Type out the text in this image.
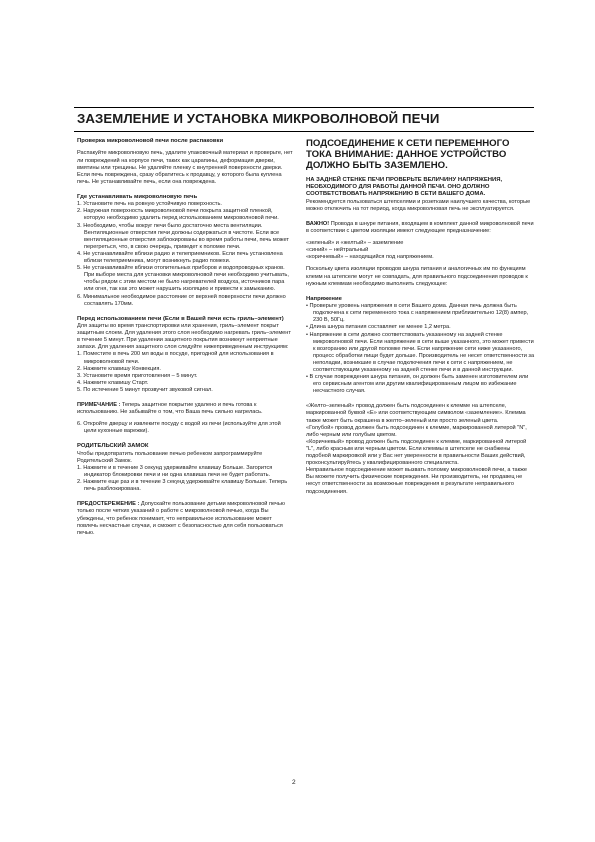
ЗАЗЕМЛЕНИЕ И УСТАНОВКА МИКРОВОЛНОВОЙ ПЕЧИ
Проверка микроволновой печи после распаковки
Распакуйте микроволновую печь, удалите упаковочный материал и проверьте, нет ли повреждений на корпусе печи, таких как царапины, деформация дверки, вмятины или трещины. Не удаляйте пленку с внутренней поверхности дверки. Если печь повреждена, сразу обратитесь к продавцу, у которого была куплена печь. Не устанавливайте печь, если она повреждена.
Где устанавливать микроволновую печь
1. Установите печь на ровную устойчивую поверхность.
2. Наружная поверхность микроволновой печи покрыта защитной пленкой, которую необходимо удалить перед использованием микроволновой печи.
3. Необходимо, чтобы вокруг печи было достаточно места вентиляции. Вентиляционные отверстия печи должны содержаться в чистоте. Если все вентиляционные отверстия заблокированы во время работы печи, печь может перегреться, что, в свою очередь, приведет к поломке печи.
4. Не устанавливайте вблизи радио и телеприемников. Если печь установлена вблизи телеприемника, могут возникнуть радио помехи.
5. Не устанавливайте вблизи отопительных приборов и водопроводных кранов. При выборе места для установки микроволновой печи необходимо учитывать, чтобы рядом с этим местом не было нагревателей воздуха, источников пара или огня, так как это может нарушить изоляцию и привести к замыканию.
6. Минимальное необходимое расстояние от верхней поверхности печи должно составлять 170мм.
Перед использованием печи (Если в Вашей печи есть гриль–элемент)
Для защиты во время транспортировки или хранения, гриль–элемент покрыт защитным слоем. Для удаления этого слоя необходимо нагревать гриль–элемент в течение 5 минут. При удалении защитного покрытия возникнут неприятные запахи. Для удаления защитного слоя следуйте нижеприведенным инструкциям:
1. Поместите в печь 200 мл воды в посуде, пригодной для использования в микроволновой печи.
2. Нажмите клавишу Конвекция.
3. Установите время приготовления – 5 минут.
4. Нажмите клавишу Старт.
5. По истечение 5 минут прозвучит звуковой сигнал.
ПРИМЕЧАНИЕ : Теперь защитное покрытие удалено и печь готова к использованию. Не забывайте о том, что Ваша печь сильно нагрелась.
6. Откройте дверцу и извлеките посуду с водой из печи (используйте для этой цели кухонные варежки).
РОДИТЕЛЬСКИЙ ЗАМОК
Чтобы предотвратить пользование печью ребенком запрограммируйте Родительский Замок.
1. Нажмите и в течение 3 секунд удерживайте клавишу Больше. Загорится индикатор блокировки печи и ни одна клавиша печи не будет работать.
2. Нажмите еще раз и в течение 3 секунд удерживайте клавишу Больше. Теперь печь разблокирована.
ПРЕДОСТЕРЕЖЕНИЕ : Допускайте пользование детьми микроволновой печью только после четких указаний о работе с микроволновой печью, когда Вы убеждены, что ребенок понимает, что неправильное использование может повлечь несчастные случаи, и сможет с безопасностью для себя пользоваться печью.
ПОДСОЕДИНЕНИЕ К СЕТИ ПЕРЕМЕННОГО ТОКА ВНИМАНИЕ: ДАННОЕ УСТРОЙСТВО ДОЛЖНО БЫТЬ ЗАЗЕМЛЕНО.
НА ЗАДНЕЙ СТЕНКЕ ПЕЧИ ПРОВЕРЬТЕ ВЕЛИЧИНУ НАПРЯЖЕНИЯ, НЕОБХОДИМОГО ДЛЯ РАБОТЫ ДАННОЙ ПЕЧИ. ОНО ДОЛЖНО СООТВЕТСТВОВАТЬ НАПРЯЖЕНИЮ В СЕТИ ВАШЕГО ДОМА.
Рекомендуется пользоваться штепселями и розетками наилучшего качества, которые можно отключить на тот период, когда микроволновая печь не эксплуатируется.
ВАЖНО! Провода в шнуре питания, входящем в комплект данной микроволновой печи в соответствии с цветом изоляции имеют следующее предназначение:
«зеленый» и «желтый» – заземление
«синий» – нейтральный
«коричневый» – находящийся под напряжением.
Поскольку цвета изоляции проводов шнура питания и аналогичных им по функциям клемм на штепселе могут не совпадать, для правильного подсоединения проводов к нужным клеммам необходимо выполнить следующее:
Напряжение
• Проверьте уровень напряжения в сети Вашего дома. Данная печь должна быть подключена к сети переменного тока с напряжением приблизительно 12(8) ампер, 230 В, 50Гц.
• Длина шнура питания составляет не менее 1,2 метра.
• Напряжение в сети должно соответствовать указанному на задней стенке микроволновой печи. Если напряжение в сети выше указанного, это может привести к возгоранию или другой поломке печи. Если напряжение сети ниже указанного, процесс обработки пищи будет дольше. Производитель не несет ответственности за неполадки, возникшие в случае подключения печи к сети с напряжением, не соответствующим указанному на задней стенке печи и в данной инструкции.
• В случае повреждения шнура питания, он должен быть заменен изготовителем или его сервисным агентом или другим квалифицированным лицом во избежание несчастного случая.
«Желто–зеленый» провод должен быть подсоединен к клемме на штепселе, маркированной буквой «E» или соответствующим символом «заземление». Клемма также может быть окрашена в желто–зеленый или просто зеленый цвета.
«Голубой» провод должен быть подсоединен к клемме, маркированной литерой "N", либо черным или голубым цветом.
«Коричневый» провод должен быть подсоединен к клемме, маркированной литерой "L", либо красным или черным цветом. Если клеммы в штепселе не снабжены подобной маркировкой или у Вас нет уверенности в правильности Ваших действий, проконсультируйтесь у квалифицированного специалиста.
Неправильное подсоединение может вызвать поломку микроволновой печи, а также Вы можете получить физические повреждения. Ни производитель, ни продавец не несут ответственности за возможные повреждения в результате неправильного подсоединения.
2
